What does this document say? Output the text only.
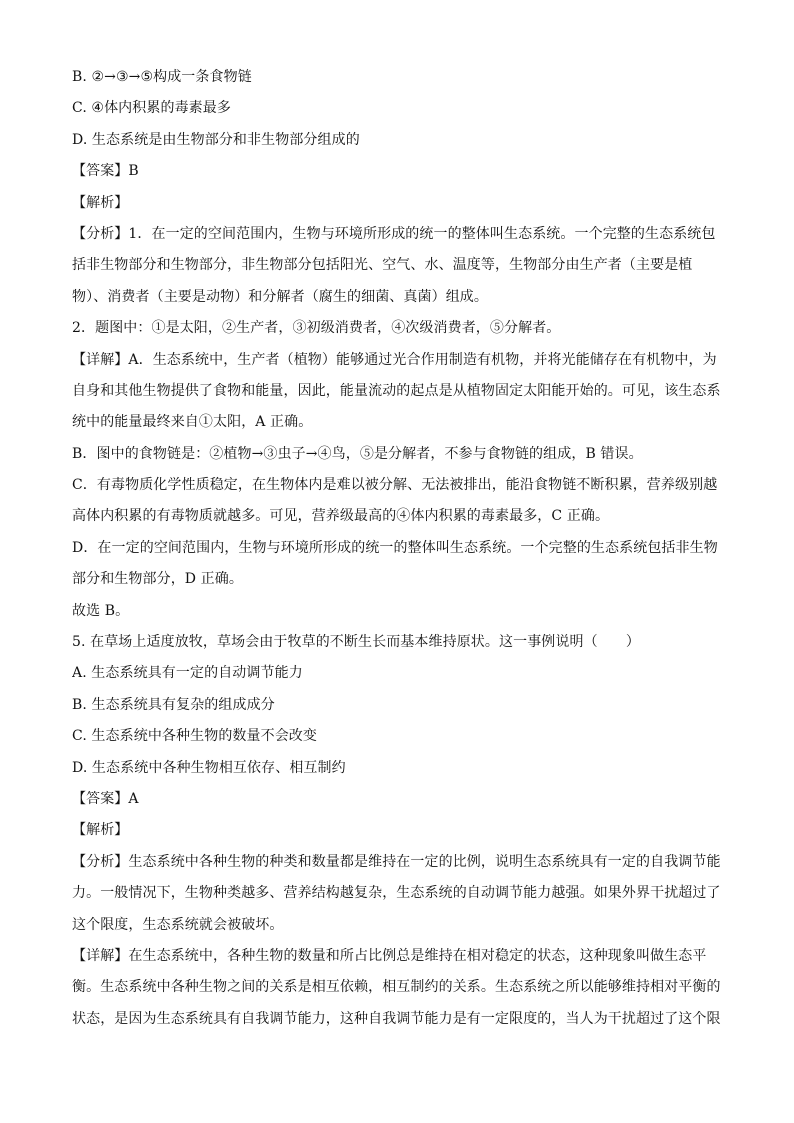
B. ②→③→⑤构成一条食物链
C. ④体内积累的毒素最多
D. 生态系统是由生物部分和非生物部分组成的
【答案】B
【解析】
【分析】1．在一定的空间范围内，生物与环境所形成的统一的整体叫生态系统。一个完整的生态系统包
括非生物部分和生物部分，非生物部分包括阳光、空气、水、温度等，生物部分由生产者（主要是植
物）、消费者（主要是动物）和分解者（腐生的细菌、真菌）组成。
2．题图中：①是太阳，②生产者，③初级消费者，④次级消费者，⑤分解者。
【详解】A．生态系统中，生产者（植物）能够通过光合作用制造有机物，并将光能储存在有机物中，为
自身和其他生物提供了食物和能量，因此，能量流动的起点是从植物固定太阳能开始的。可见，该生态系
统中的能量最终来自①太阳，A 正确。
B．图中的食物链是：②植物→③虫子→④鸟，⑤是分解者，不参与食物链的组成，B 错误。
C．有毒物质化学性质稳定，在生物体内是难以被分解、无法被排出，能沿食物链不断积累，营养级别越
高体内积累的有毒物质就越多。可见，营养级最高的④体内积累的毒素最多，C 正确。
D．在一定的空间范围内，生物与环境所形成的统一的整体叫生态系统。一个完整的生态系统包括非生物
部分和生物部分，D 正确。
故选 B。
5. 在草场上适度放牧，草场会由于牧草的不断生长而基本维持原状。这一事例说明（　　）
A. 生态系统具有一定的自动调节能力
B. 生态系统具有复杂的组成成分
C. 生态系统中各种生物的数量不会改变
D. 生态系统中各种生物相互依存、相互制约
【答案】A
【解析】
【分析】生态系统中各种生物的种类和数量都是维持在一定的比例，说明生态系统具有一定的自我调节能
力。一般情况下，生物种类越多、营养结构越复杂，生态系统的自动调节能力越强。如果外界干扰超过了
这个限度，生态系统就会被破坏。
【详解】在生态系统中，各种生物的数量和所占比例总是维持在相对稳定的状态，这种现象叫做生态平
衡。生态系统中各种生物之间的关系是相互依赖，相互制约的关系。生态系统之所以能够维持相对平衡的
状态，是因为生态系统具有自我调节能力，这种自我调节能力是有一定限度的，当人为干扰超过了这个限
